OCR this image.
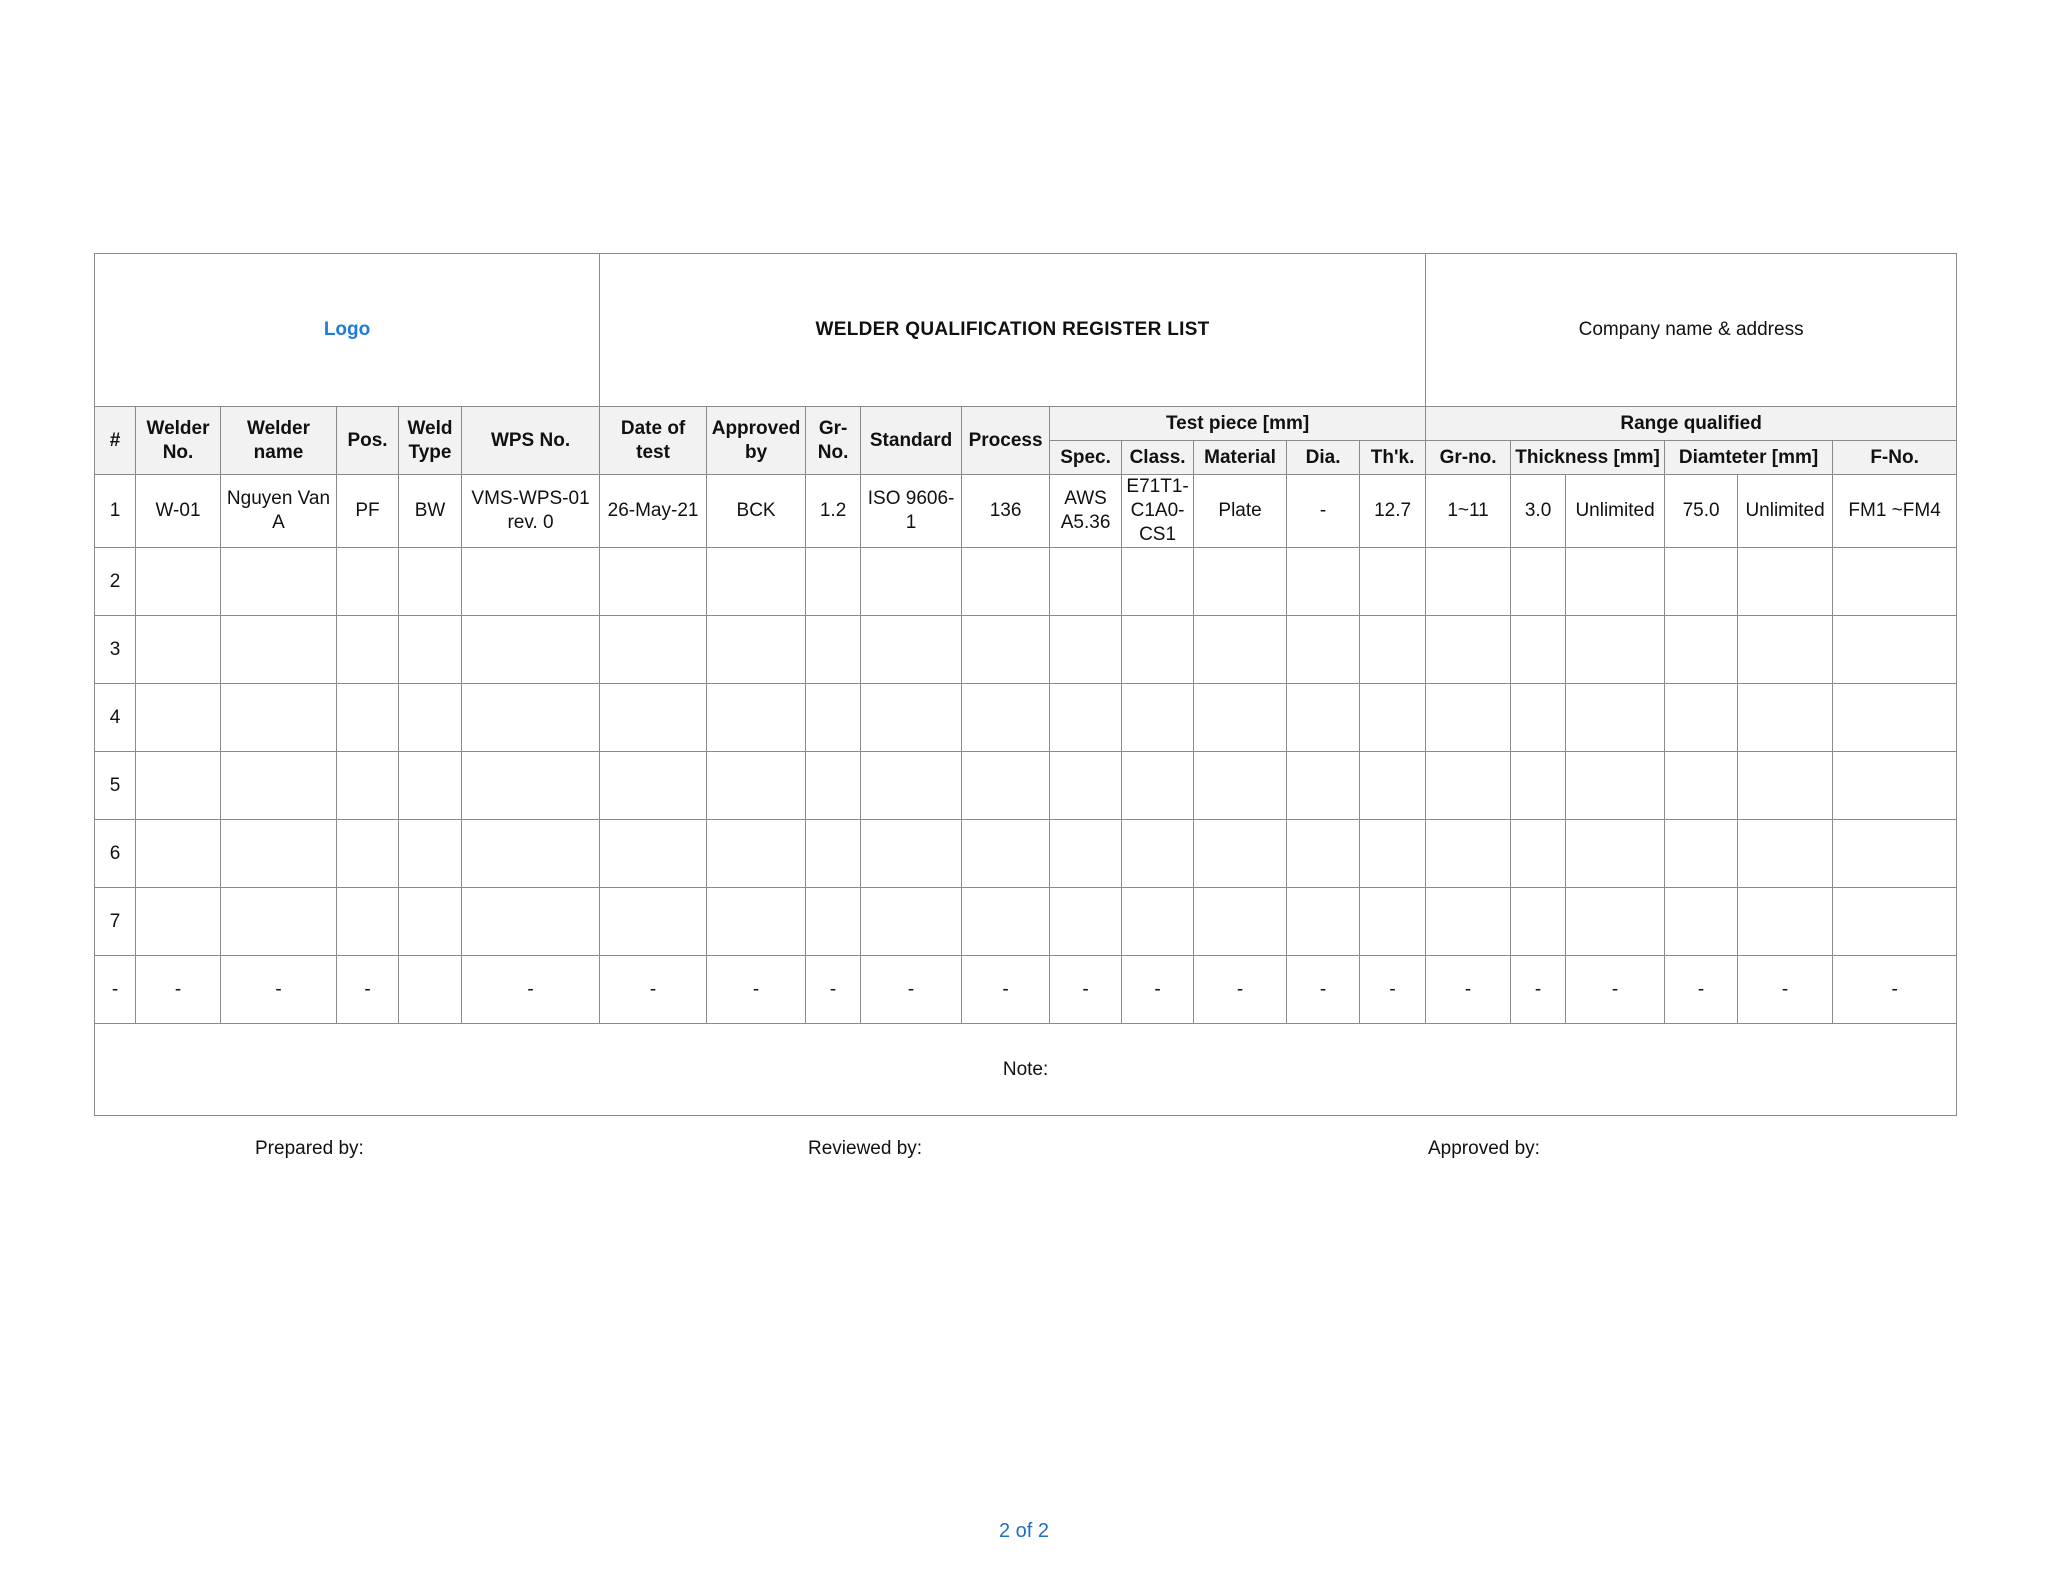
Logo						WELDER QUALIFICATION REGISTER LIST										Company name & address					
#	Welder No.	Welder name	Pos.	Weld Type	WPS No.	Date of test	Approved by	Gr- No.	Standard	Process	Test piece [mm]					Range qualified					
											Spec.	Class.	Material	Dia.	Th'k.	Gr-no.	Thickness [mm]		Diamteter [mm]		F-No.
1	W-01	Nguyen Van A	PF	BW	VMS-WPS-01 rev. 0	26-May-21	BCK	1.2	ISO 9606-1	136	AWS A5.36	E71T1-C1A0-CS1	Plate	-	12.7	1~11	3.0	Unlimited	75.0	Unlimited	FM1 ~FM4
2																					
3																					
4																					
5																					
6																					
7																					
-	-	-	-		-	-	-	-	-	-	-	-	-	-	-	-	-	-	-	-	-
Note:																					
Prepared by:	Reviewed by:	Approved by:
2 of 2
